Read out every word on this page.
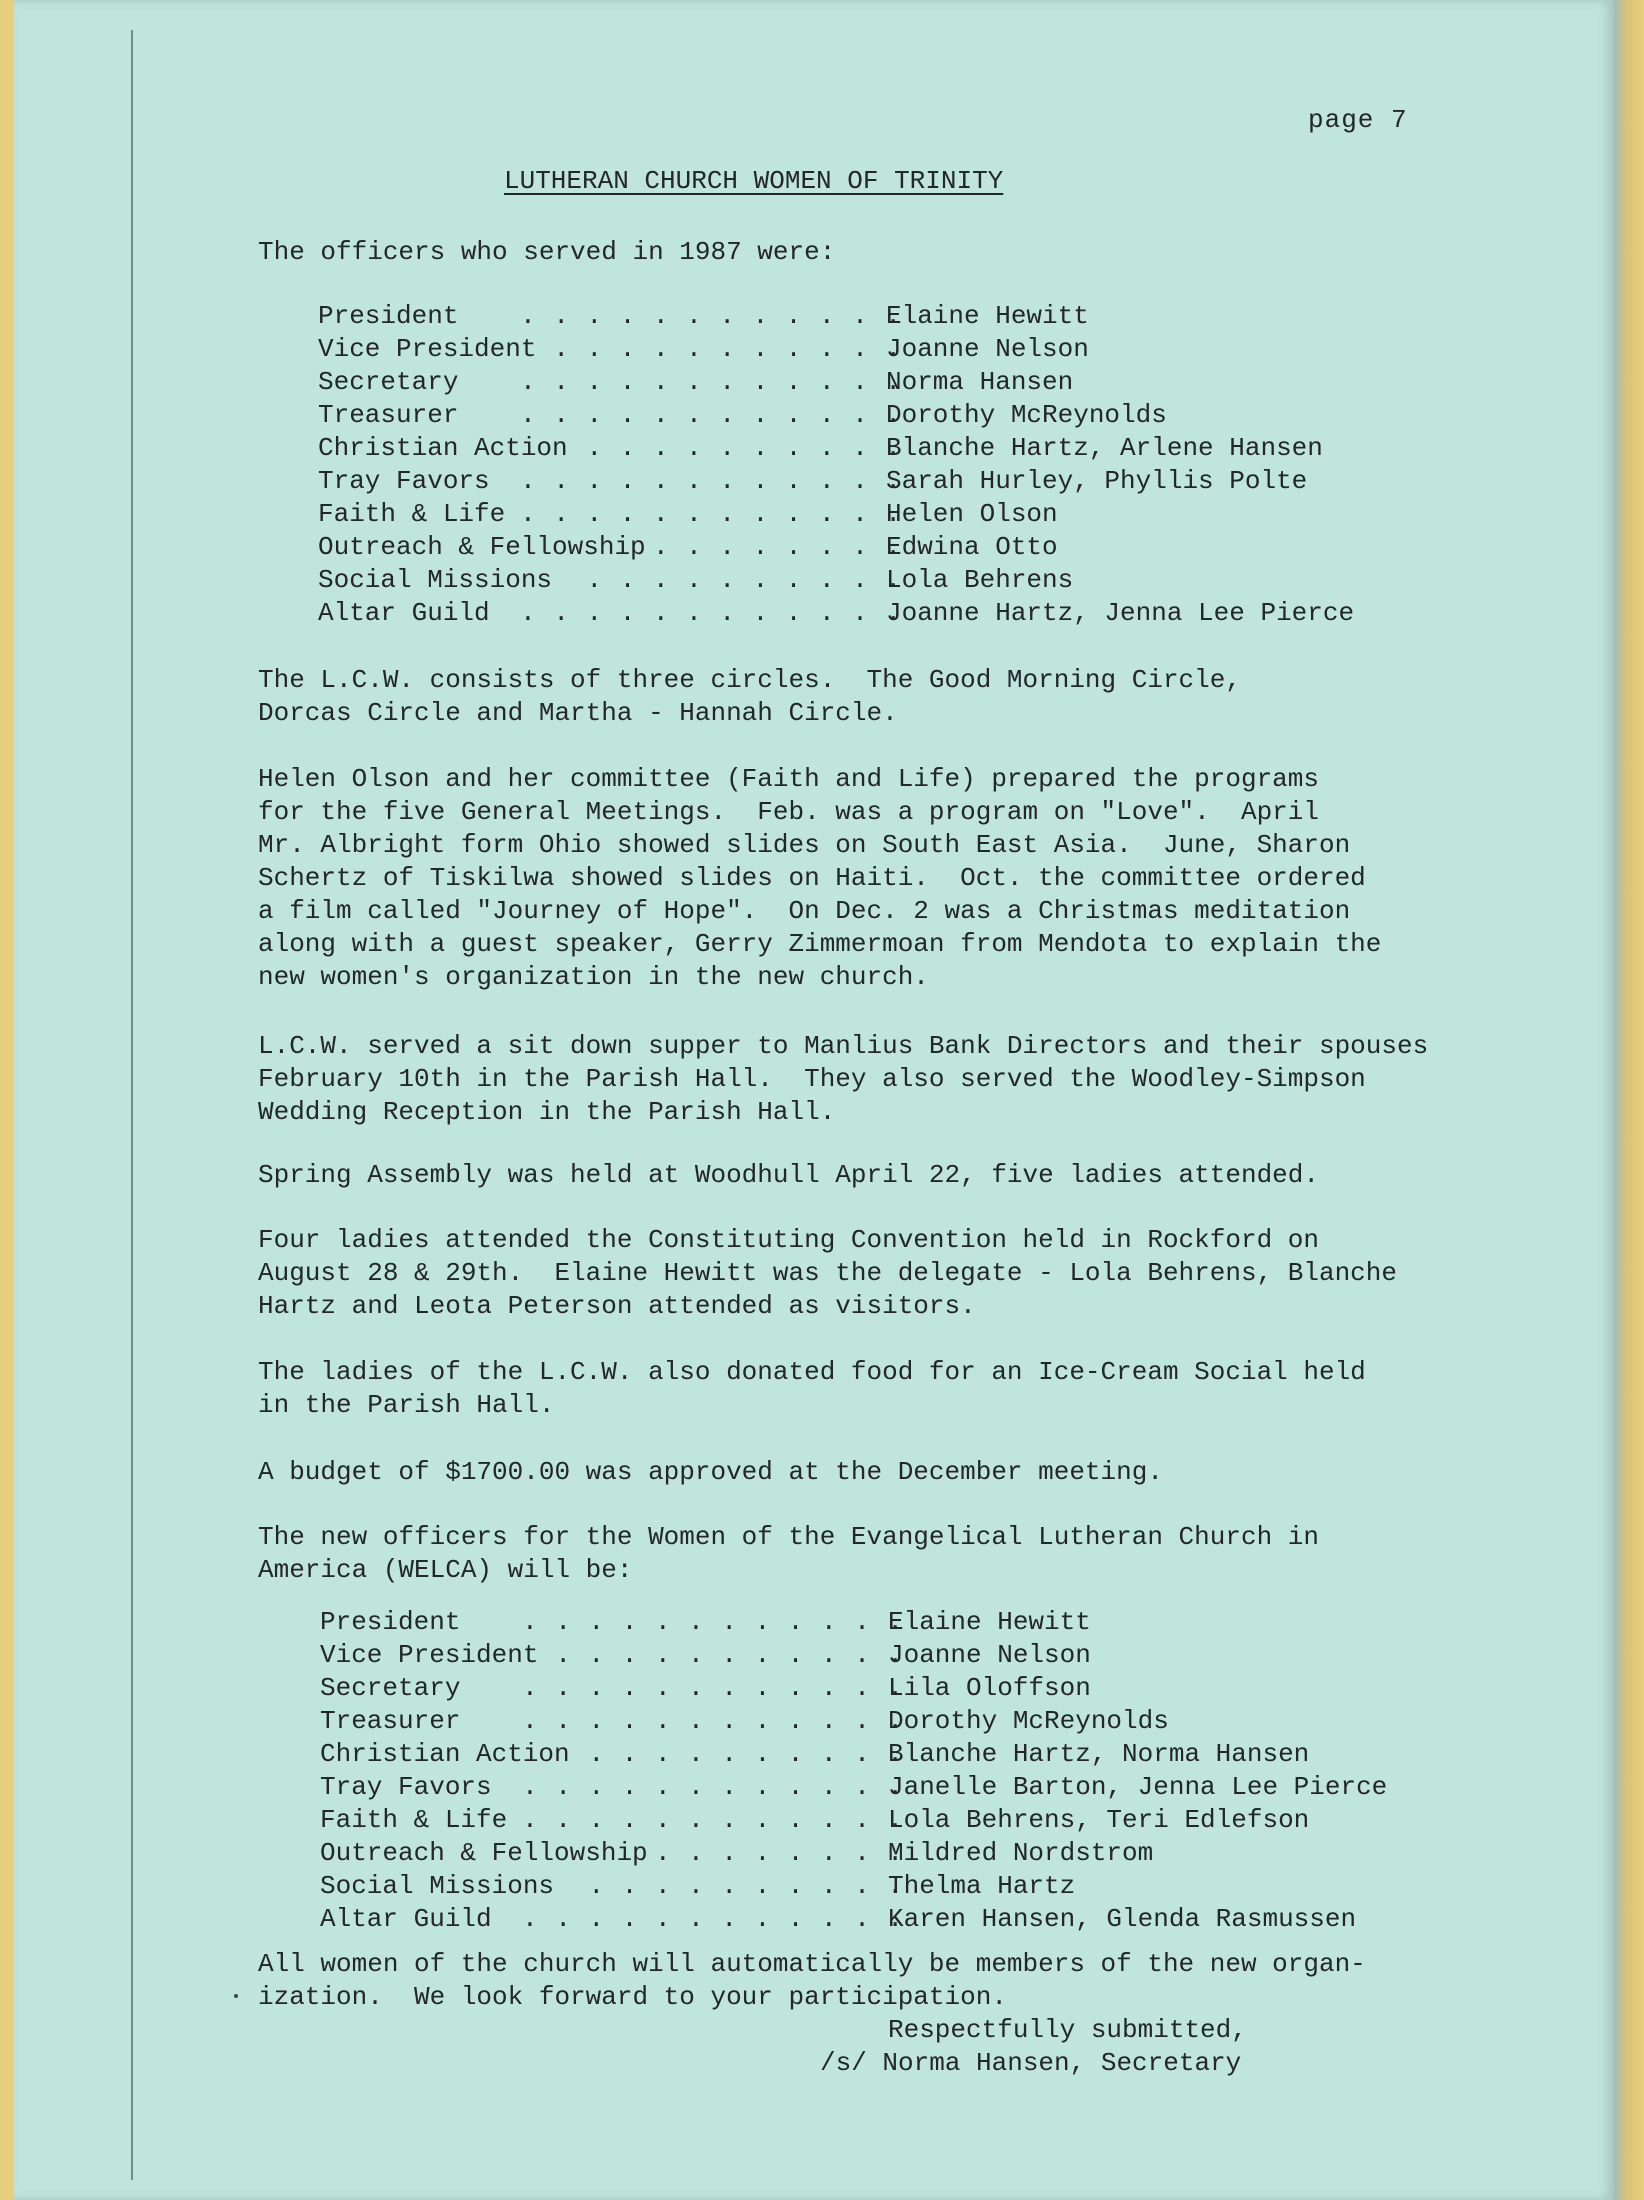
page 7
LUTHERAN CHURCH WOMEN OF TRINITY
The officers who served in 1987 were:
. . .
President	Elaine Hewitt
. . .
Vice President	Joanne Nelson
. . .
Secretary	Norma Hansen
. . .
Treasurer	Dorothy McReynolds
. . .
Christian Action	Blanche Hartz, Arlene Hansen
. . .
Tray Favors	Sarah Hurley, Phyllis Polte
. . .
Faith & Life	Helen Olson
. . .
Outreach & Fellowship	Edwina Otto
. . .
Social Missions	Lola Behrens
. . .
Altar Guild	Joanne Hartz, Jenna Lee Pierce
The L.C.W. consists of three circles.  The Good Morning Circle,
Dorcas Circle and Martha - Hannah Circle.
Helen Olson and her committee (Faith and Life) prepared the programs
for the five General Meetings.  Feb. was a program on "Love".  April
Mr. Albright form Ohio showed slides on South East Asia.  June, Sharon
Schertz of Tiskilwa showed slides on Haiti.  Oct. the committee ordered
a film called "Journey of Hope".  On Dec. 2 was a Christmas meditation
along with a guest speaker, Gerry Zimmermoan from Mendota to explain the
new women's organization in the new church.
L.C.W. served a sit down supper to Manlius Bank Directors and their spouses
February 10th in the Parish Hall.  They also served the Woodley-Simpson
Wedding Reception in the Parish Hall.
Spring Assembly was held at Woodhull April 22, five ladies attended.
Four ladies attended the Constituting Convention held in Rockford on
August 28 & 29th.  Elaine Hewitt was the delegate - Lola Behrens, Blanche
Hartz and Leota Peterson attended as visitors.
The ladies of the L.C.W. also donated food for an Ice-Cream Social held
in the Parish Hall.
A budget of $1700.00 was approved at the December meeting.
The new officers for the Women of the Evangelical Lutheran Church in
America (WELCA) will be:
. . .
President	Elaine Hewitt
. . .
Vice President	Joanne Nelson
. . .
Secretary	Lila Oloffson
. . .
Treasurer	Dorothy McReynolds
. . .
Christian Action	Blanche Hartz, Norma Hansen
. . .
Tray Favors	Janelle Barton, Jenna Lee Pierce
. . .
Faith & Life	Lola Behrens, Teri Edlefson
. . .
Outreach & Fellowship	Mildred Nordstrom
. . .
Social Missions	Thelma Hartz
. . .
Altar Guild	Karen Hansen, Glenda Rasmussen
All women of the church will automatically be members of the new organ-
ization.  We look forward to your participation.
Respectfully submitted,
/s/ Norma Hansen, Secretary
